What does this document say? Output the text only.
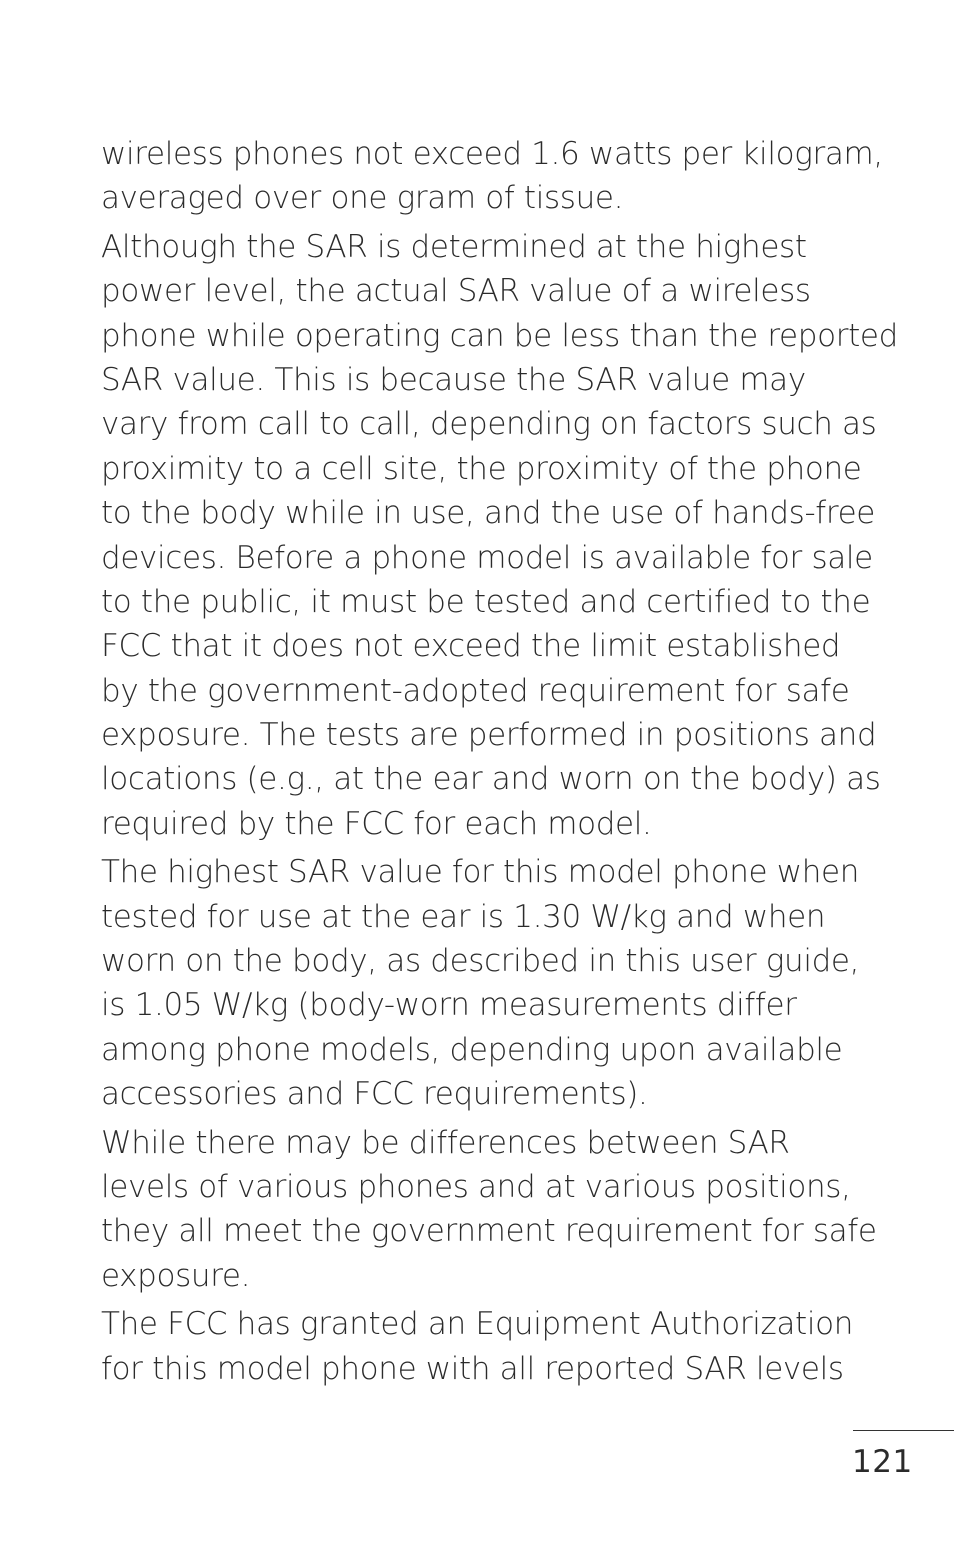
wireless phones not exceed 1.6 watts per kilogram,
averaged over one gram of tissue.

Although the SAR is determined at the highest
power level, the actual SAR value of a wireless
phone while operating can be less than the reported
SAR value. This is because the SAR value may
vary from call to call, depending on factors such as
proximity to a cell site, the proximity of the phone
to the body while in use, and the use of hands-free
devices. Before a phone model is available for sale
to the public, it must be tested and certified to the
FCC that it does not exceed the limit established
by the government-adopted requirement for safe
exposure. The tests are performed in positions and
locations (e.g., at the ear and worn on the body) as
required by the FCC for each model.

The highest SAR value for this model phone when
tested for use at the ear is 1.30 W/kg and when
worn on the body, as described in this user guide,
is 1.05 W/kg (body-worn measurements differ
among phone models, depending upon available
accessories and FCC requirements).

While there may be differences between SAR
levels of various phones and at various positions,
they all meet the government requirement for safe
exposure.

The FCC has granted an Equipment Authorization
for this model phone with all reported SAR levels

121
